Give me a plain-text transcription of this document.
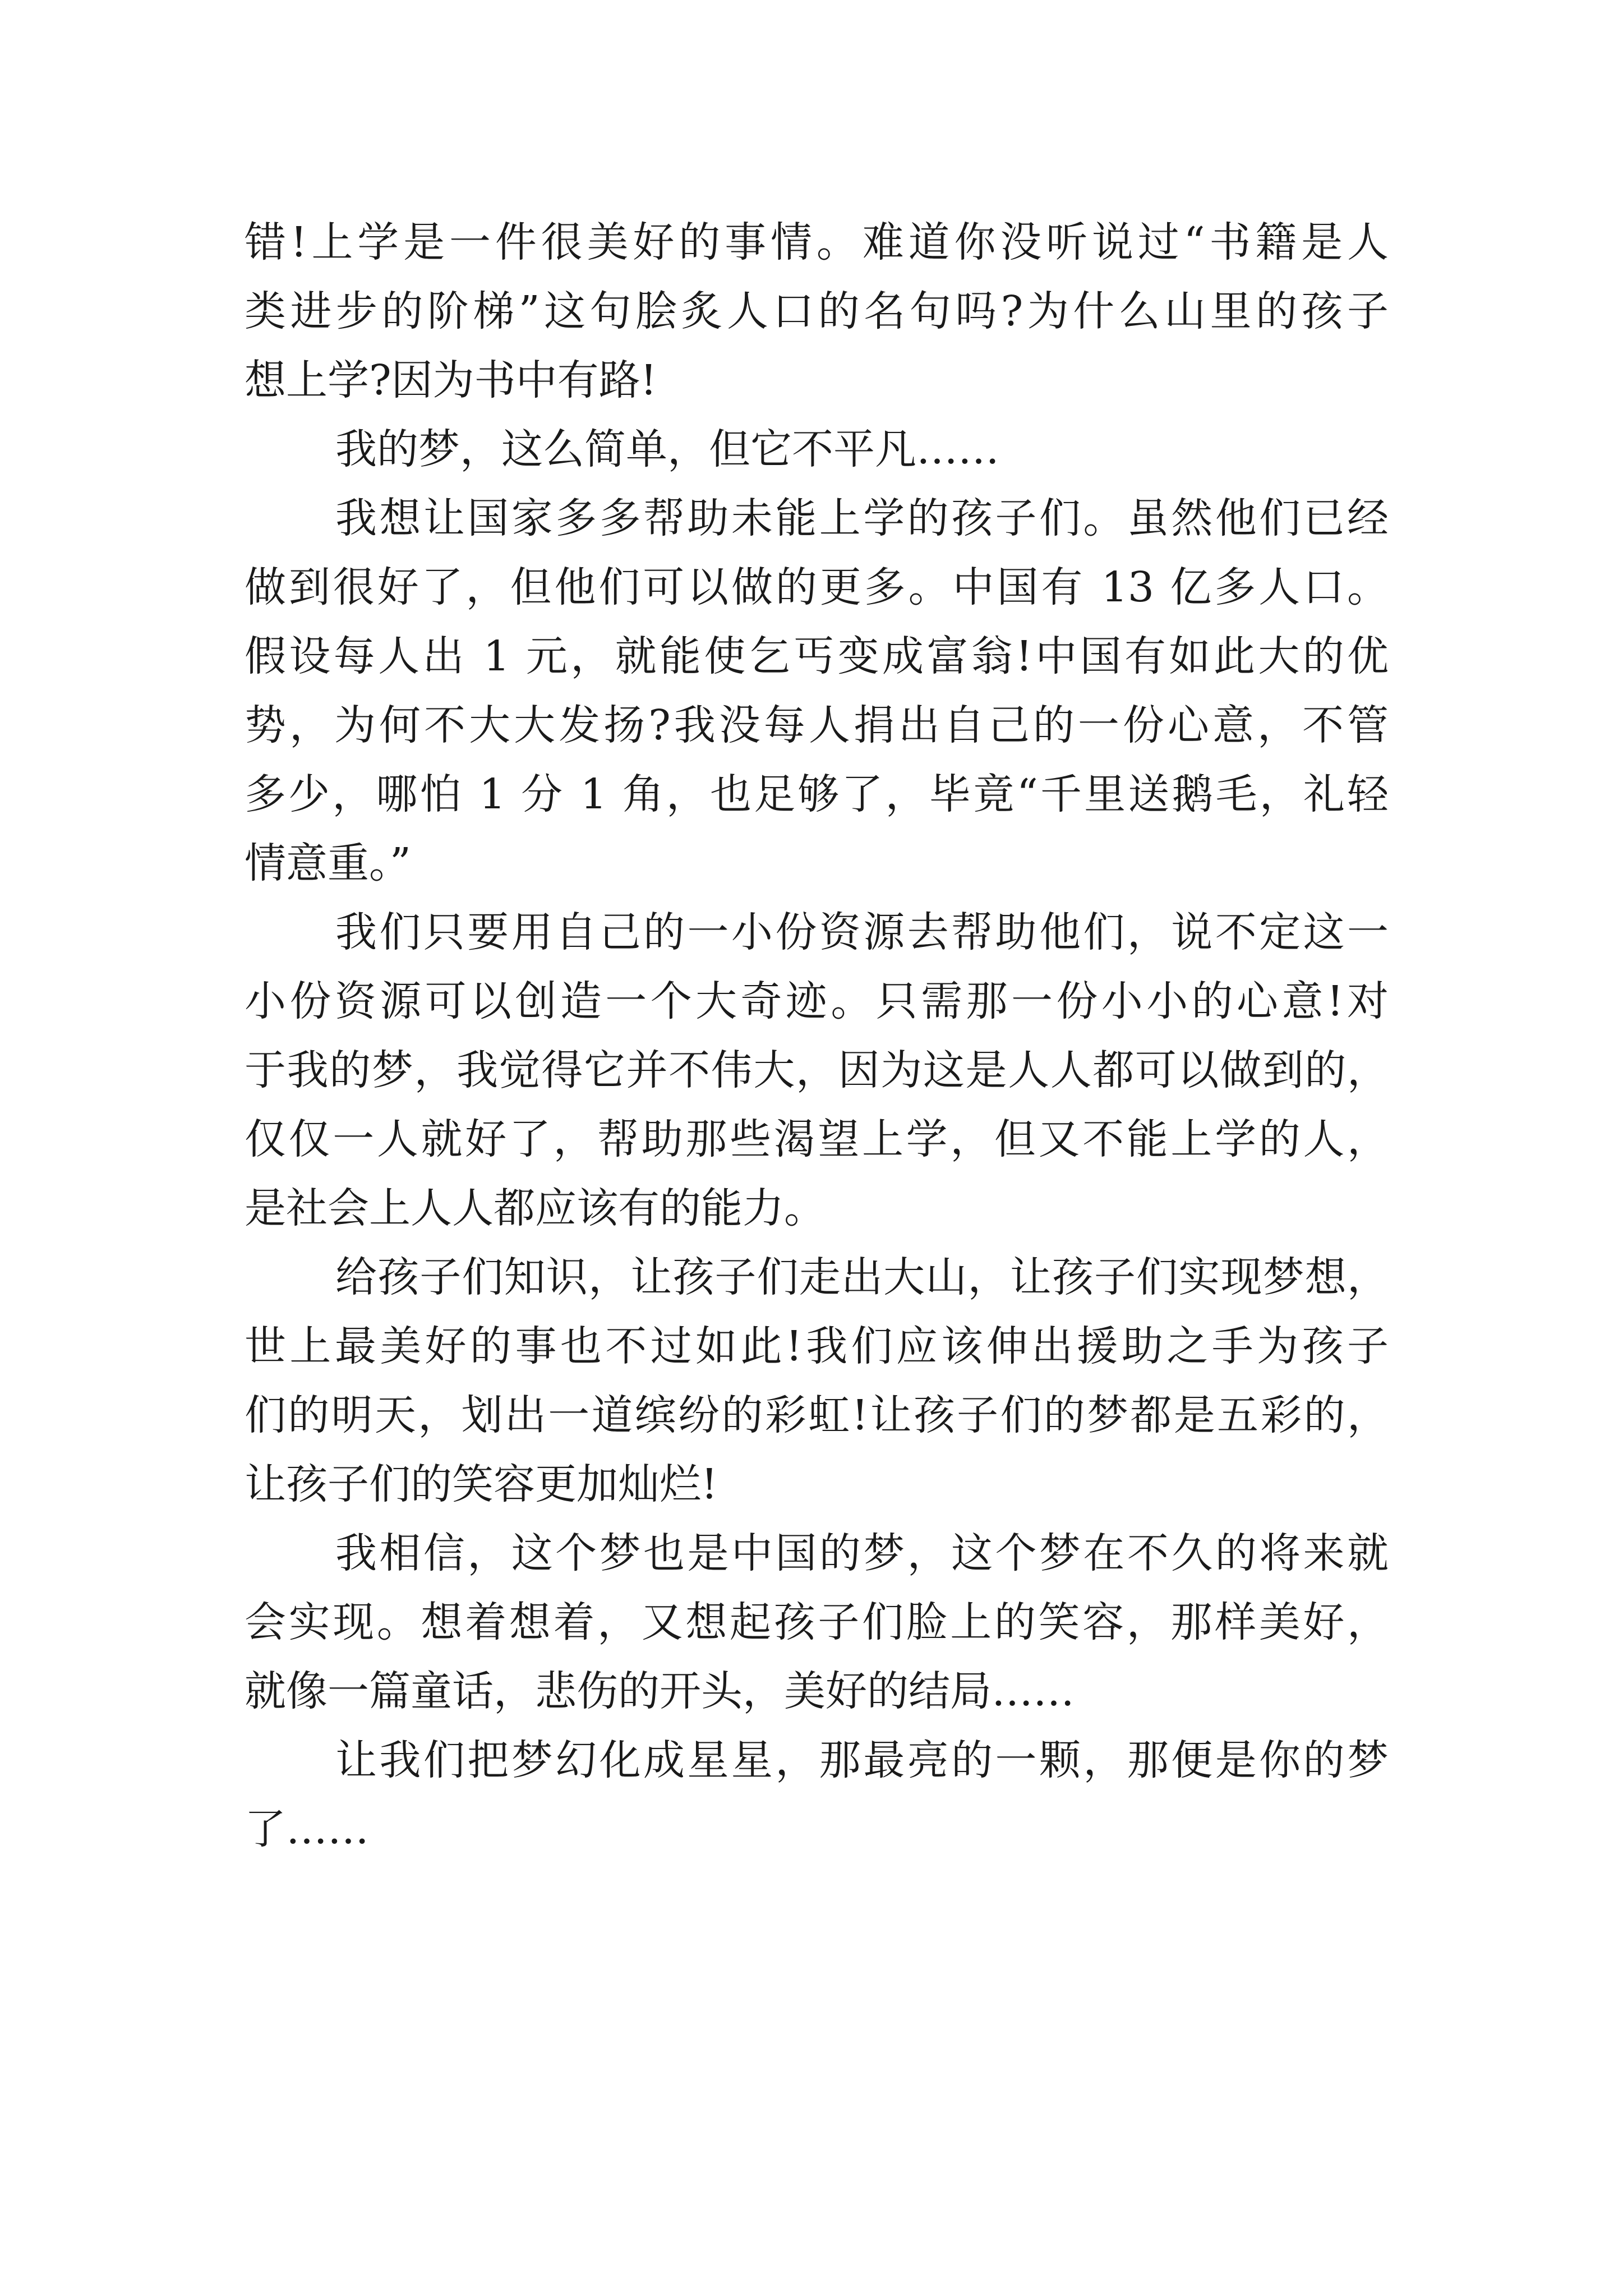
错!上学是一件很美好的事情。难道你没听说过“书籍是人
类进步的阶梯”这句脍炙人口的名句吗?为什么山里的孩子
想上学?因为书中有路!
我的梦，这么简单，但它不平凡……
我想让国家多多帮助未能上学的孩子们。虽然他们已经
做到很好了，但他们可以做的更多。中国有 13 亿多人口。
假设每人出 1 元，就能使乞丐变成富翁!中国有如此大的优
势，为何不大大发扬?我没每人捐出自己的一份心意，不管
多少，哪怕 1 分 1 角，也足够了，毕竟“千里送鹅毛，礼轻
情意重。”
我们只要用自己的一小份资源去帮助他们，说不定这一
小份资源可以创造一个大奇迹。只需那一份小小的心意!对
于我的梦，我觉得它并不伟大，因为这是人人都可以做到的，
仅仅一人就好了，帮助那些渴望上学，但又不能上学的人，
是社会上人人都应该有的能力。
给孩子们知识，让孩子们走出大山，让孩子们实现梦想，
世上最美好的事也不过如此!我们应该伸出援助之手为孩子
们的明天，划出一道缤纷的彩虹!让孩子们的梦都是五彩的，
让孩子们的笑容更加灿烂!
我相信，这个梦也是中国的梦，这个梦在不久的将来就
会实现。想着想着，又想起孩子们脸上的笑容，那样美好，
就像一篇童话，悲伤的开头，美好的结局……
让我们把梦幻化成星星，那最亮的一颗，那便是你的梦
了……
